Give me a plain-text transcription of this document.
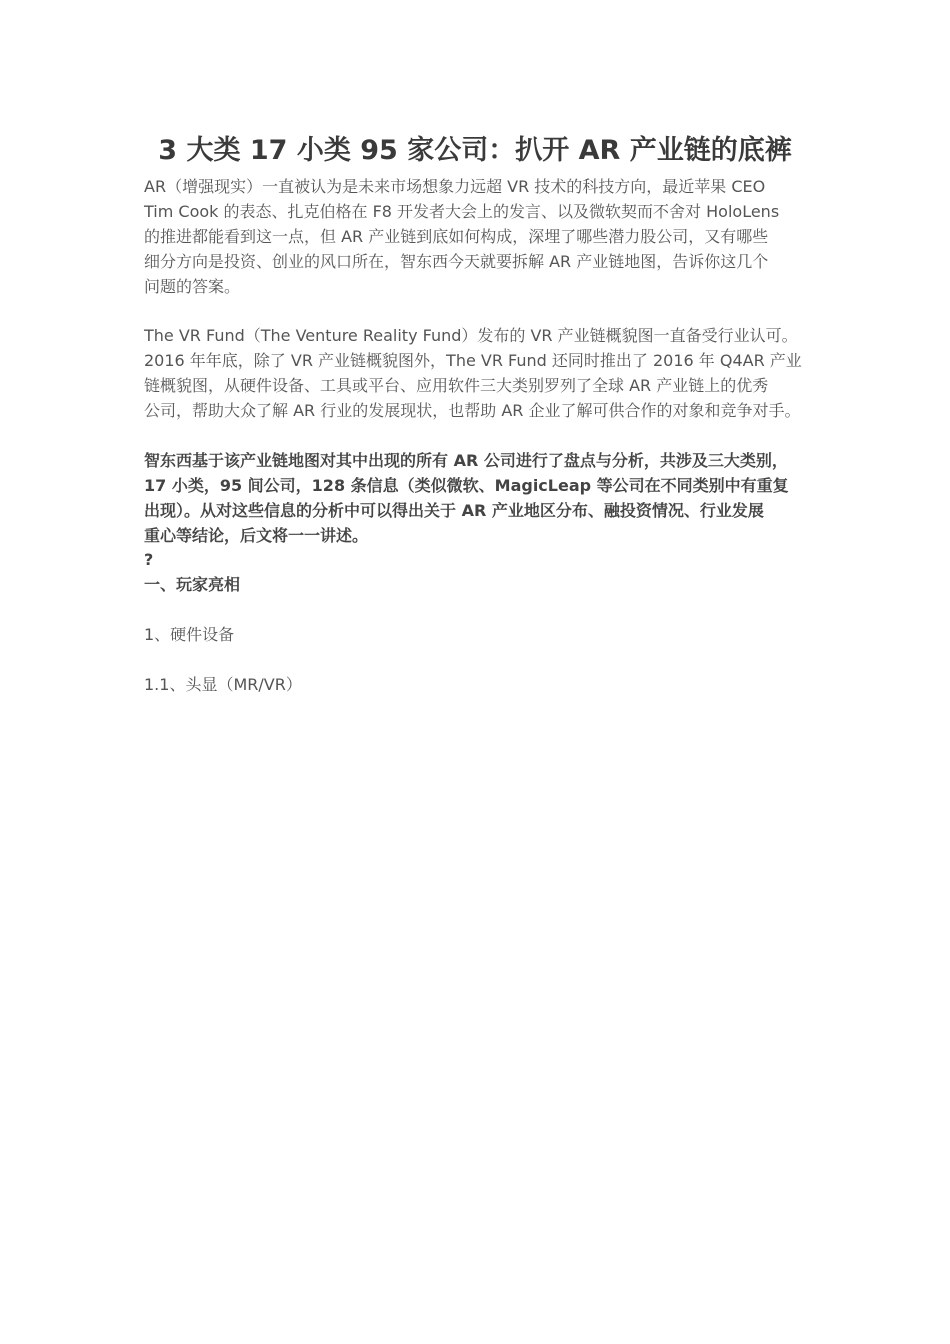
3 大类 17 小类 95 家公司：扒开 AR 产业链的底裤
AR（增强现实）一直被认为是未来市场想象力远超 VR 技术的科技方向，最近苹果 CEO
Tim Cook 的表态、扎克伯格在 F8 开发者大会上的发言、以及微软契而不舍对 HoloLens
的推进都能看到这一点，但 AR 产业链到底如何构成，深埋了哪些潜力股公司，又有哪些
细分方向是投资、创业的风口所在，智东西今天就要拆解 AR 产业链地图，告诉你这几个
问题的答案。
The VR Fund（The Venture Reality Fund）发布的 VR 产业链概貌图一直备受行业认可。
2016 年年底，除了 VR 产业链概貌图外，The VR Fund 还同时推出了 2016 年 Q4AR 产业
链概貌图，从硬件设备、工具或平台、应用软件三大类别罗列了全球 AR 产业链上的优秀
公司，帮助大众了解 AR 行业的发展现状，也帮助 AR 企业了解可供合作的对象和竞争对手。
智东西基于该产业链地图对其中出现的所有 AR 公司进行了盘点与分析，共涉及三大类别，
17 小类，95 间公司，128 条信息（类似微软、MagicLeap 等公司在不同类别中有重复
出现）。从对这些信息的分析中可以得出关于 AR 产业地区分布、融投资情况、行业发展
重心等结论，后文将一一讲述。
?
一、玩家亮相
1、硬件设备
1.1、头显（MR/VR）
